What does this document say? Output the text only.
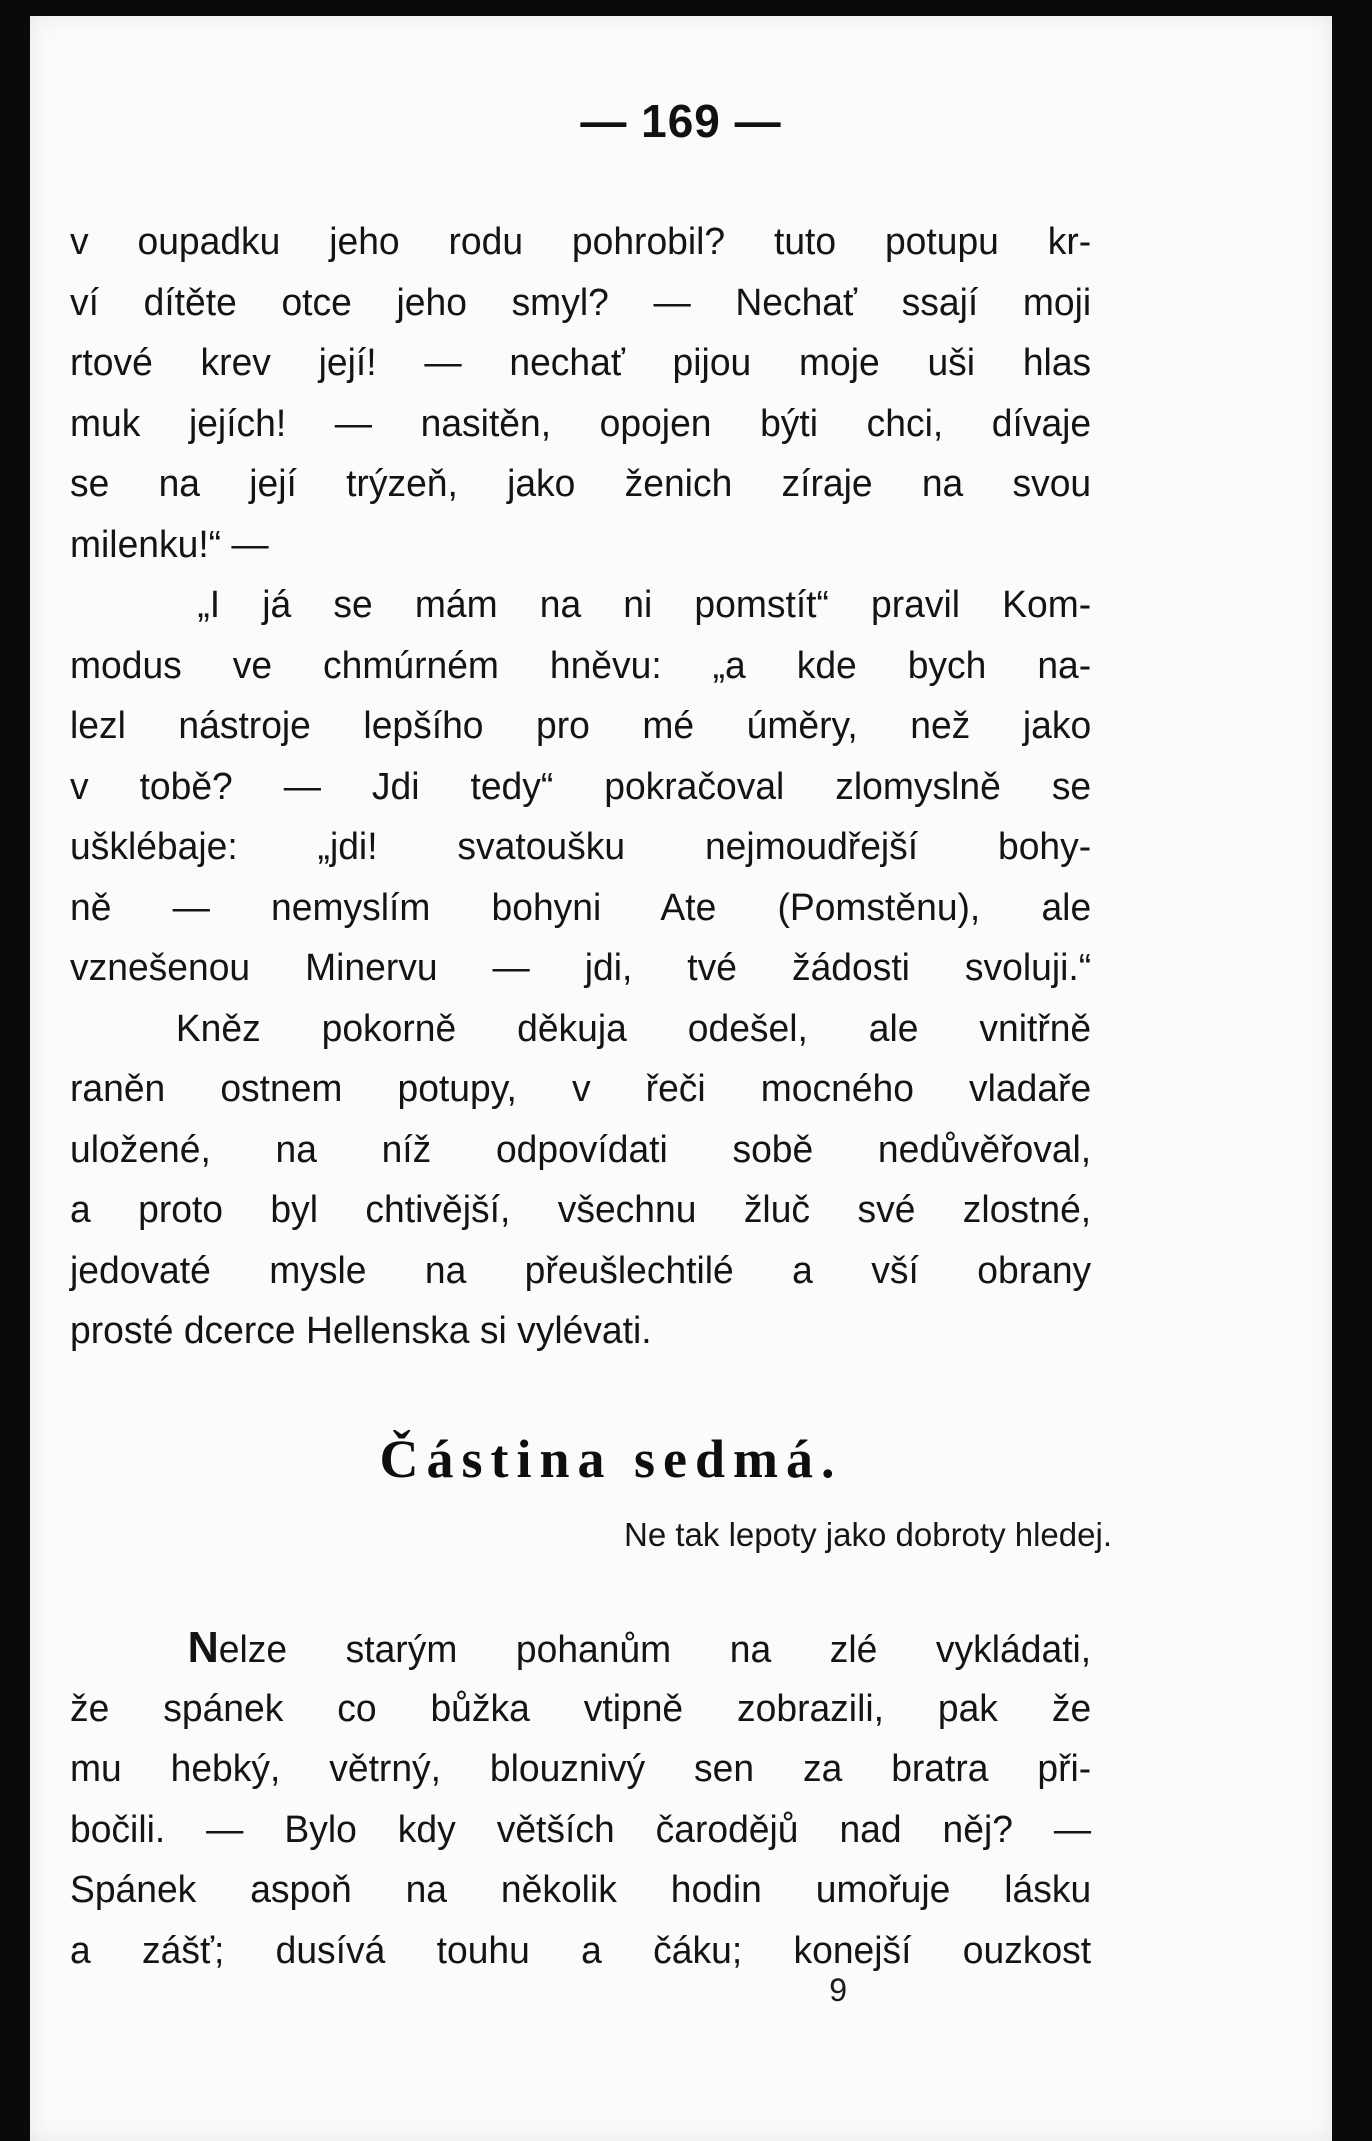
— 169 —
v oupadku jeho rodu pohrobil? tuto potupu kr-
ví dítěte otce jeho smyl? — Nechať ssají moji
rtové krev její! — nechať pijou moje uši hlas
muk jejích! — nasitěn, opojen býti chci, dívaje
se na její trýzeň, jako ženich zíraje na svou
milenku!“ —
„I já se mám na ni pomstít“ pravil Kom-
modus ve chmúrném hněvu: „a kde bych na-
lezl nástroje lepšího pro mé úměry, než jako
v tobě? — Jdi tedy“ pokračoval zlomyslně se
ušklébaje: „jdi! svatoušku nejmoudřejší bohy-
ně — nemyslím bohyni Ate (Pomstěnu), ale
vznešenou Minervu — jdi, tvé žádosti svoluji.“
Kněz pokorně děkuja odešel, ale vnitřně
raněn ostnem potupy, v řeči mocného vladaře
uložené, na níž odpovídati sobě nedůvěřoval,
a proto byl chtivější, všechnu žluč své zlostné,
jedovaté mysle na přeušlechtilé a vší obrany
prosté dcerce Hellenska si vylévati.
Částina sedmá.
Ne tak lepoty jako dobroty hledej.
Nelze starým pohanům na zlé vykládati,
že spánek co bůžka vtipně zobrazili, pak že
mu hebký, větrný, blouznivý sen za bratra při-
bočili. — Bylo kdy větších čarodějů nad něj? —
Spánek aspoň na několik hodin umořuje lásku
a zášť; dusívá touhu a čáku; konejší ouzkost
9
